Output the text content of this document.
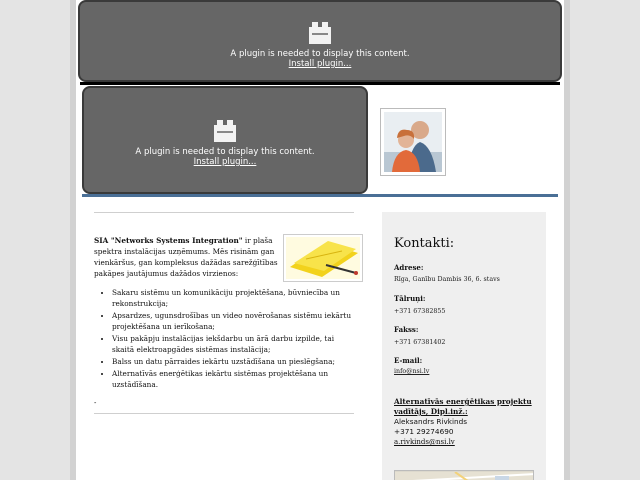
A plugin is needed to display this content.
Install plugin...
A plugin is needed to display this content.
Install plugin...
SIA "Networks Systems Integration" ir plaša
spektra instalācijas uzņēmums. Mēs risinām gan
vienkāršus, gan kompleksus dažādas sarežģītības

pakāpes jautājumus dažādos virzienos:
• Sakaru sistēmu un komunikāciju projektēšana, būvniecība un rekonstrukcija;
• Apsardzes, ugunsdrošības un video novērošanas sistēmu iekārtu projektēšana un ierīkošana;
• Visu pakāpju instalācijas iekšdarbu un ārā darbu izpilde, tai skaitā elektroapgādes sistēmas instalācija;
• Balss un datu pārraides iekārtu uzstādīšana un pieslēgšana;
• Alternatīvās enerģētikas iekārtu sistēmas projektēšana un uzstādīšana.
-
Kontakti:
Adrese:
Rīga, Ganību Dambis 36, 6. stavs
Tālruņi:
+371 67382855
Fakss:
+371 67381402
E-mail:
info@nsi.lv
Alternatīvās enerģētikas projektu
vadītājs, Dipl.inž.:
Aleksandrs Rivkinds
+371 29274690
a.rivkinds@nsi.lv
